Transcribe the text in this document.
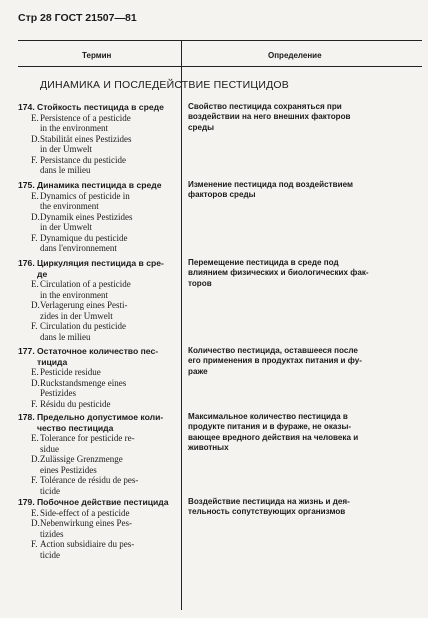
Стр 28 ГОСТ 21507—81
Термин	Определение
ДИНАМИКА И ПОСЛЕДЕЙСТВИЕ ПЕСТИЦИДОВ
174. Стойкость пестицида в среде
E.Persistence of a pesticide
in the environment
D.Stabilität eines Pestizides
in der Umwelt
F. Persistance du pesticide
dans le milieu
Свойство пестицида сохраняться при
воздействии на него внешних факторов
среды
175. Динамика пестицида в среде
E.Dynamics of pesticide in
the environment
D.Dynamik eines Pestizides
in der Umwelt
F. Dynamique du pesticide
dans l'environnement
Изменение пестицида под воздействием
факторов среды
176. Циркуляция пестицида в сре-
де
E.Circulation of a pesticide
in the environment
D.Verlagerung eines Pesti-
zides in der Umwelt
F. Circulation du pesticide
dans le milieu
Перемещение пестицида в среде под
влиянием физических и биологических фак-
торов
177. Остаточное количество пес-
тицида
E.Pesticide residue
D.Ruckstandsmenge eines
Pestizides
F. Résidu du pesticide
Количество пестицида, оставшееся после
его применения в продуктах питания и фу-
раже
178. Предельно допустимое коли-
чество пестицида
E.Tolerance for pesticide re-
sidue
D.Zulässige Grenzmenge
eines Pestizides
F. Tolérance de résidu de pes-
ticide
Максимальное количество пестицида в
продукте питания и в фураже, не оказы-
вающее вредного действия на человека и
животных
179. Побочное действие пестицида
E.Side-effect of a pesticide
D.Nebenwirkung eines Pes-
tizides
F. Action subsidiaire du pes-
ticide
Воздействие пестицида на жизнь и дея-
тельность сопутствующих организмов
